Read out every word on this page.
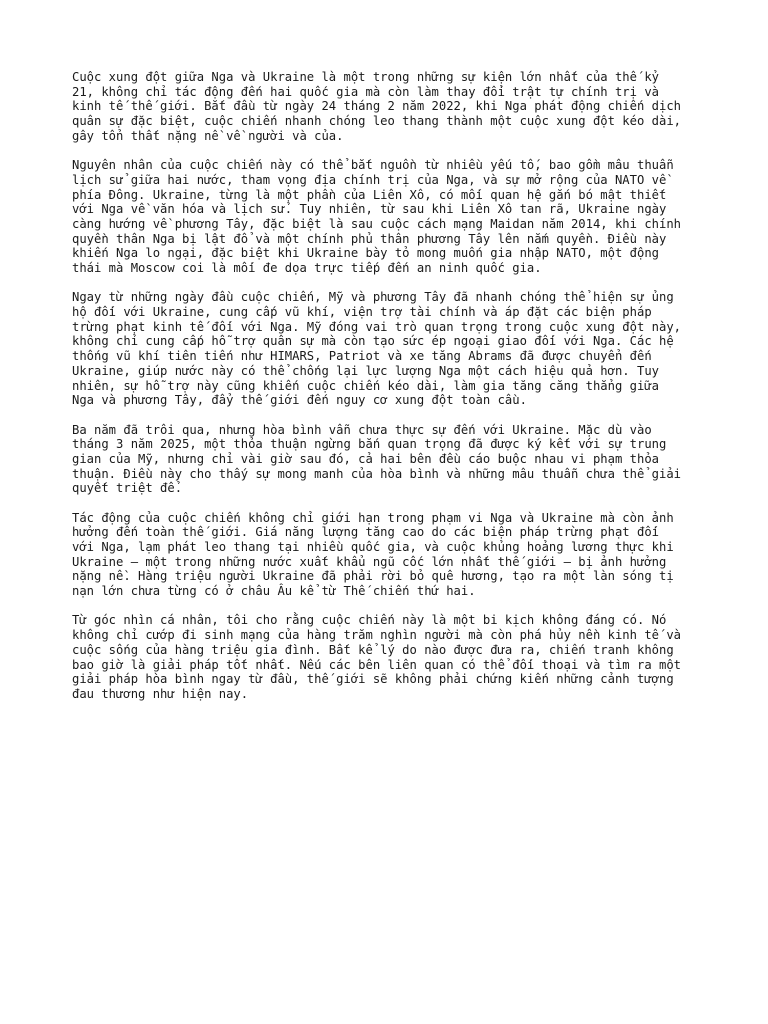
Cuộc xung đột giữa Nga và Ukraine là một trong những sự kiện lớn nhất của thế kỷ
21, không chỉ tác động đến hai quốc gia mà còn làm thay đổi trật tự chính trị và
kinh tế thế giới. Bắt đầu từ ngày 24 tháng 2 năm 2022, khi Nga phát động chiến dịch
quân sự đặc biệt, cuộc chiến nhanh chóng leo thang thành một cuộc xung đột kéo dài,
gây tổn thất nặng nề về người và của.

Nguyên nhân của cuộc chiến này có thể bắt nguồn từ nhiều yếu tố, bao gồm mâu thuẫn
lịch sử giữa hai nước, tham vọng địa chính trị của Nga, và sự mở rộng của NATO về
phía Đông. Ukraine, từng là một phần của Liên Xô, có mối quan hệ gắn bó mật thiết
với Nga về văn hóa và lịch sử. Tuy nhiên, từ sau khi Liên Xô tan rã, Ukraine ngày
càng hướng về phương Tây, đặc biệt là sau cuộc cách mạng Maidan năm 2014, khi chính
quyền thân Nga bị lật đổ và một chính phủ thân phương Tây lên nắm quyền. Điều này
khiến Nga lo ngại, đặc biệt khi Ukraine bày tỏ mong muốn gia nhập NATO, một động
thái mà Moscow coi là mối đe dọa trực tiếp đến an ninh quốc gia.

Ngay từ những ngày đầu cuộc chiến, Mỹ và phương Tây đã nhanh chóng thể hiện sự ủng
hộ đối với Ukraine, cung cấp vũ khí, viện trợ tài chính và áp đặt các biện pháp
trừng phạt kinh tế đối với Nga. Mỹ đóng vai trò quan trọng trong cuộc xung đột này,
không chỉ cung cấp hỗ trợ quân sự mà còn tạo sức ép ngoại giao đối với Nga. Các hệ
thống vũ khí tiên tiến như HIMARS, Patriot và xe tăng Abrams đã được chuyển đến
Ukraine, giúp nước này có thể chống lại lực lượng Nga một cách hiệu quả hơn. Tuy
nhiên, sự hỗ trợ này cũng khiến cuộc chiến kéo dài, làm gia tăng căng thẳng giữa
Nga và phương Tây, đẩy thế giới đến nguy cơ xung đột toàn cầu.

Ba năm đã trôi qua, nhưng hòa bình vẫn chưa thực sự đến với Ukraine. Mặc dù vào
tháng 3 năm 2025, một thỏa thuận ngừng bắn quan trọng đã được ký kết với sự trung
gian của Mỹ, nhưng chỉ vài giờ sau đó, cả hai bên đều cáo buộc nhau vi phạm thỏa
thuận. Điều này cho thấy sự mong manh của hòa bình và những mâu thuẫn chưa thể giải
quyết triệt để.

Tác động của cuộc chiến không chỉ giới hạn trong phạm vi Nga và Ukraine mà còn ảnh
hưởng đến toàn thế giới. Giá năng lượng tăng cao do các biện pháp trừng phạt đối
với Nga, lạm phát leo thang tại nhiều quốc gia, và cuộc khủng hoảng lương thực khi
Ukraine – một trong những nước xuất khẩu ngũ cốc lớn nhất thế giới – bị ảnh hưởng
nặng nề. Hàng triệu người Ukraine đã phải rời bỏ quê hương, tạo ra một làn sóng tị
nạn lớn chưa từng có ở châu Âu kể từ Thế chiến thứ hai.

Từ góc nhìn cá nhân, tôi cho rằng cuộc chiến này là một bi kịch không đáng có. Nó
không chỉ cướp đi sinh mạng của hàng trăm nghìn người mà còn phá hủy nền kinh tế và
cuộc sống của hàng triệu gia đình. Bất kể lý do nào được đưa ra, chiến tranh không
bao giờ là giải pháp tốt nhất. Nếu các bên liên quan có thể đối thoại và tìm ra một
giải pháp hòa bình ngay từ đầu, thế giới sẽ không phải chứng kiến những cảnh tượng
đau thương như hiện nay.
